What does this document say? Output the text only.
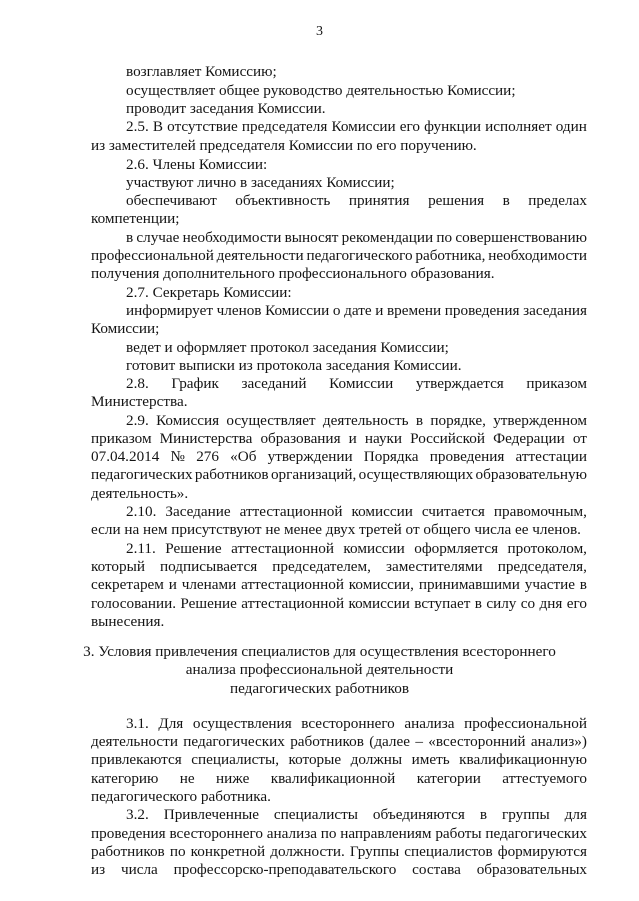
3
возглавляет Комиссию;
осуществляет общее руководство деятельностью Комиссии;
проводит заседания Комиссии.
2.5. В отсутствие председателя Комиссии его функции исполняет один
из заместителей председателя Комиссии по его поручению.
2.6. Члены Комиссии:
участвуют лично в заседаниях Комиссии;
обеспечивают объективность принятия решения в пределах
компетенции;
в случае необходимости выносят рекомендации по совершенствованию
профессиональной деятельности педагогического работника, необходимости
получения дополнительного профессионального образования.
2.7. Секретарь Комиссии:
информирует членов Комиссии о дате и времени проведения заседания
Комиссии;
ведет и оформляет протокол заседания Комиссии;
готовит выписки из протокола заседания Комиссии.
2.8. График заседаний Комиссии утверждается приказом
Министерства.
2.9. Комиссия осуществляет деятельность в порядке, утвержденном
приказом Министерства образования и науки Российской Федерации от
07.04.2014 № 276 «Об утверждении Порядка проведения аттестации
педагогических работников организаций, осуществляющих образовательную
деятельность».
2.10. Заседание аттестационной комиссии считается правомочным,
если на нем присутствуют не менее двух третей от общего числа ее членов.
2.11. Решение аттестационной комиссии оформляется протоколом,
который подписывается председателем, заместителями председателя,
секретарем и членами аттестационной комиссии, принимавшими участие в
голосовании. Решение аттестационной комиссии вступает в силу со дня его
вынесения.
3. Условия привлечения специалистов для осуществления всестороннего
анализа профессиональной деятельности
педагогических работников
3.1. Для осуществления всестороннего анализа профессиональной
деятельности педагогических работников (далее – «всесторонний анализ»)
привлекаются специалисты, которые должны иметь квалификационную
категорию не ниже квалификационной категории аттестуемого
педагогического работника.
3.2. Привлеченные специалисты объединяются в группы для
проведения всестороннего анализа по направлениям работы педагогических
работников по конкретной должности. Группы специалистов формируются
из числа профессорско-преподавательского состава образовательных
